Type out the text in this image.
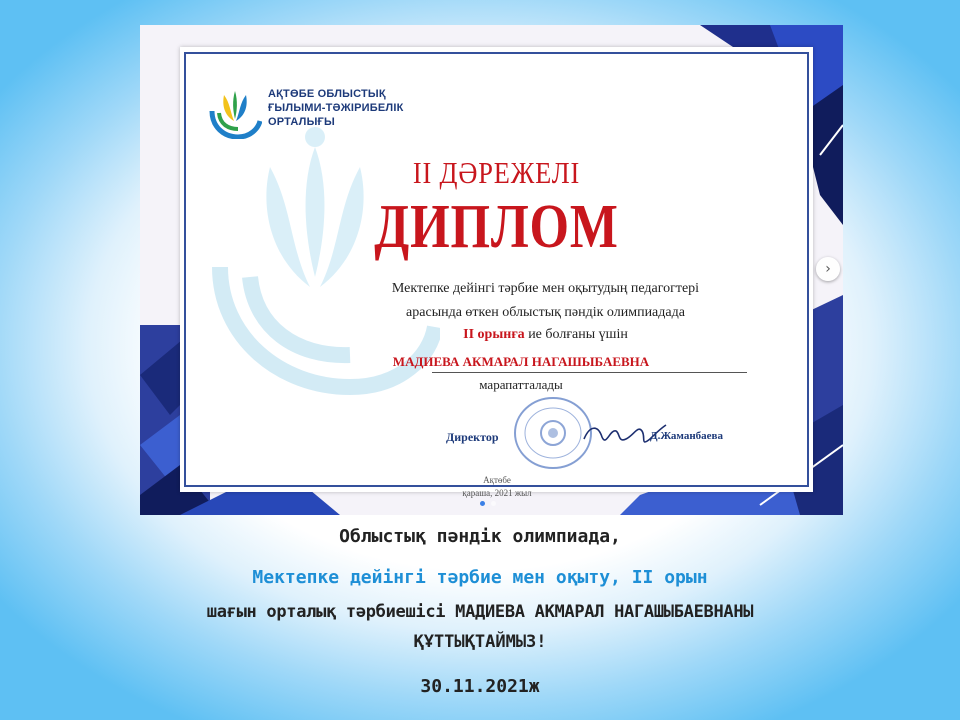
АҚТӨБЕ ОБЛЫСТЫҚ
ҒЫЛЫМИ-ТӘЖІРИБЕЛІК
ОРТАЛЫҒЫ
II ДӘРЕЖЕЛІ
ДИПЛОМ
Мектепке дейінгі тәрбие мен оқытудың педагогтері
арасында өткен облыстық пәндік олимпиадада
II орынға ие болғаны үшін
МАДИЕВА АКМАРАЛ НАГАШЫБАЕВНА
марапатталады
Директор	Д.Жаманбаева
Ақтөбе
қараша, 2021 жыл
›
Облыстық пәндік олимпиада,
Мектепке дейінгі тәрбие мен оқыту, II орын
шағын орталық тәрбиешісі МАДИЕВА АКМАРАЛ НАГАШЫБАЕВНАНЫ
ҚҰТТЫҚТАЙМЫЗ!
30.11.2021ж
